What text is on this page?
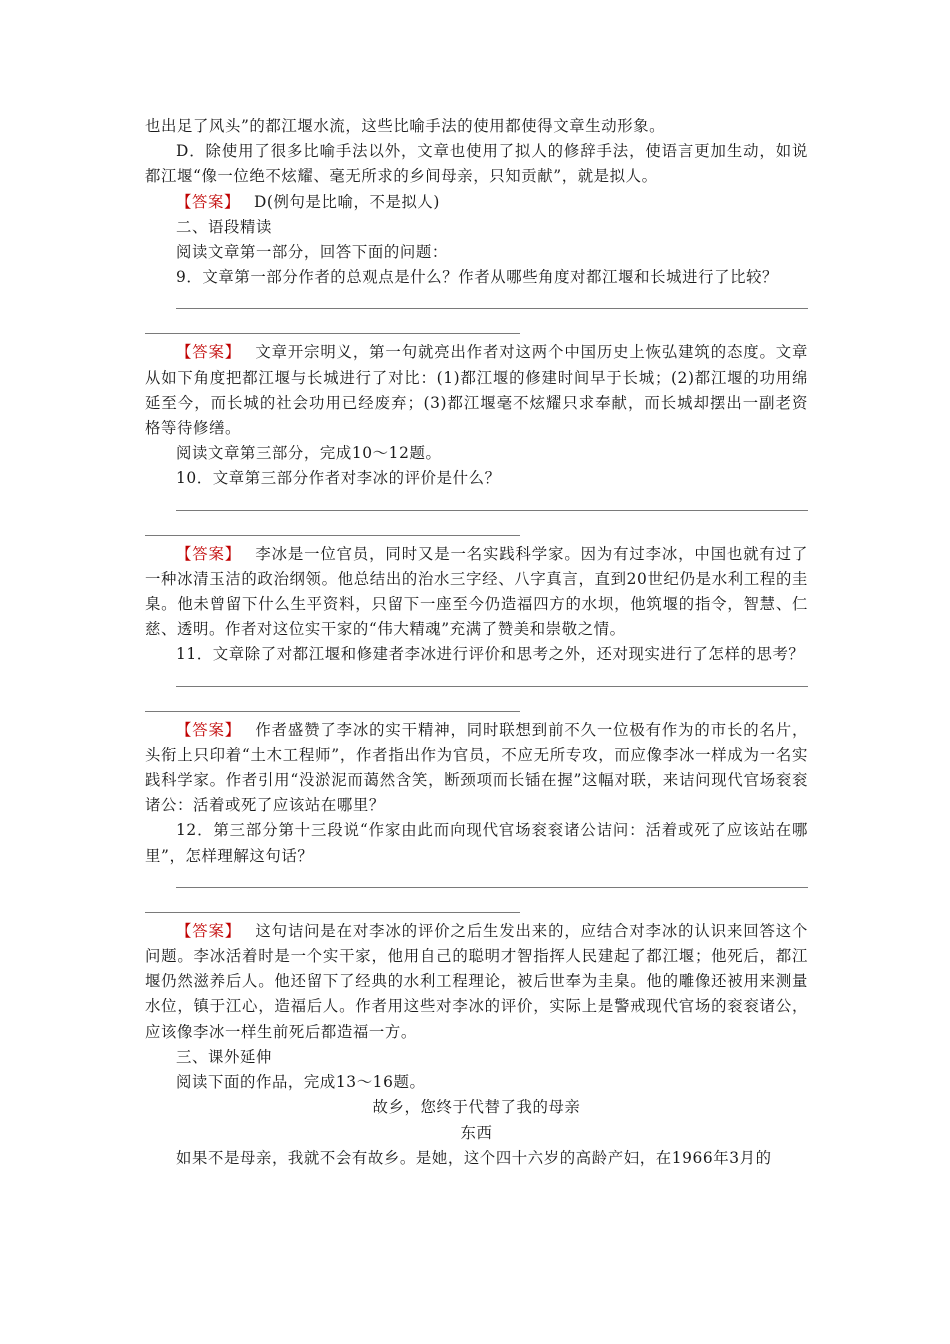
也出足了风头”的都江堰水流，这些比喻手法的使用都使得文章生动形象。

D．除使用了很多比喻手法以外，文章也使用了拟人的修辞手法，使语言更加生动，如说都江堰“像一位绝不炫耀、毫无所求的乡间母亲，只知贡献”，就是拟人。

【答案】 D(例句是比喻，不是拟人)

二、语段精读

阅读文章第一部分，回答下面的问题：

9．文章第一部分作者的总观点是什么？作者从哪些角度对都江堰和长城进行了比较？

【答案】 文章开宗明义，第一句就亮出作者对这两个中国历史上恢弘建筑的态度。文章从如下角度把都江堰与长城进行了对比：(1)都江堰的修建时间早于长城；(2)都江堰的功用绵延至今，而长城的社会功用已经废弃；(3)都江堰毫不炫耀只求奉献，而长城却摆出一副老资格等待修缮。

阅读文章第三部分，完成10～12题。

10．文章第三部分作者对李冰的评价是什么？

【答案】 李冰是一位官员，同时又是一名实践科学家。因为有过李冰，中国也就有过了一种冰清玉洁的政治纲领。他总结出的治水三字经、八字真言，直到20世纪仍是水利工程的圭臬。他未曾留下什么生平资料，只留下一座至今仍造福四方的水坝，他筑堰的指令，智慧、仁慈、透明。作者对这位实干家的“伟大精魂”充满了赞美和崇敬之情。

11．文章除了对都江堰和修建者李冰进行评价和思考之外，还对现实进行了怎样的思考？

【答案】 作者盛赞了李冰的实干精神，同时联想到前不久一位极有作为的市长的名片，头衔上只印着“土木工程师”，作者指出作为官员，不应无所专攻，而应像李冰一样成为一名实践科学家。作者引用“没淤泥而蔼然含笑，断颈项而长锸在握”这幅对联，来诘问现代官场衮衮诸公：活着或死了应该站在哪里？

12．第三部分第十三段说“作家由此而向现代官场衮衮诸公诘问：活着或死了应该站在哪里”，怎样理解这句话？

【答案】 这句诘问是在对李冰的评价之后生发出来的，应结合对李冰的认识来回答这个问题。李冰活着时是一个实干家，他用自己的聪明才智指挥人民建起了都江堰；他死后，都江堰仍然滋养后人。他还留下了经典的水利工程理论，被后世奉为圭臬。他的雕像还被用来测量水位，镇于江心，造福后人。作者用这些对李冰的评价，实际上是警戒现代官场的衮衮诸公，应该像李冰一样生前死后都造福一方。

三、课外延伸

阅读下面的作品，完成13～16题。

故乡，您终于代替了我的母亲

东西

如果不是母亲，我就不会有故乡。是她，这个四十六岁的高龄产妇，在1966年3月的
